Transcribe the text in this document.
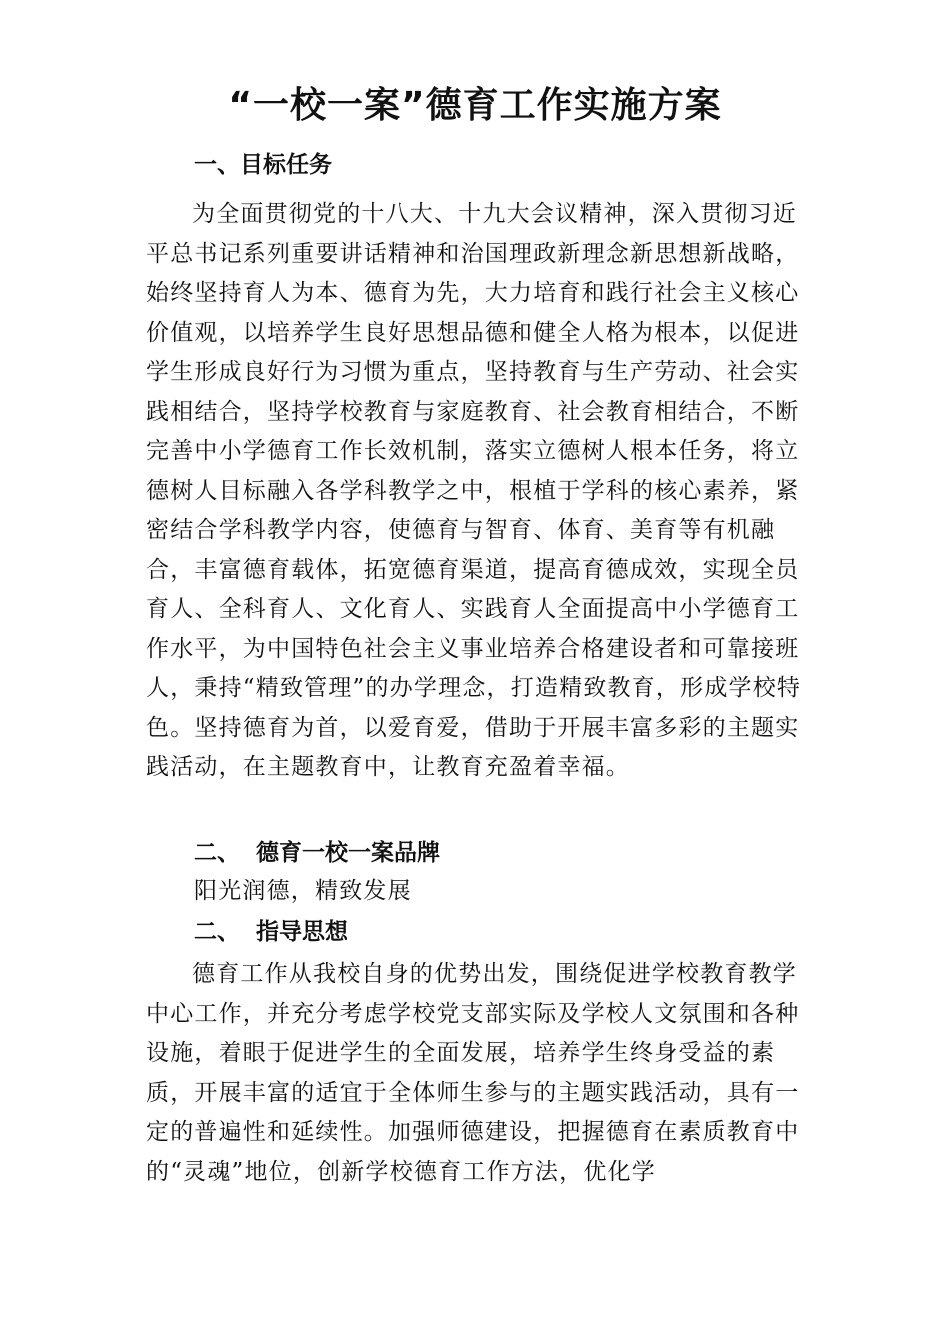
“一校一案”德育工作实施方案
一、目标任务

为全面贯彻党的十八大、十九大会议精神，深入贯彻习近平总书记系列重要讲话精神和治国理政新理念新思想新战略，始终坚持育人为本、德育为先，大力培育和践行社会主义核心价值观，以培养学生良好思想品德和健全人格为根本，以促进学生形成良好行为习惯为重点，坚持教育与生产劳动、社会实践相结合，坚持学校教育与家庭教育、社会教育相结合，不断完善中小学德育工作长效机制，落实立德树人根本任务，将立德树人目标融入各学科教学之中，根植于学科的核心素养，紧密结合学科教学内容，使德育与智育、体育、美育等有机融合，丰富德育载体，拓宽德育渠道，提高育德成效，实现全员育人、全科育人、文化育人、实践育人全面提高中小学德育工作水平，为中国特色社会主义事业培养合格建设者和可靠接班人，秉持“精致管理”的办学理念，打造精致教育，形成学校特色。坚持德育为首，以爱育爱，借助于开展丰富多彩的主题实践活动，在主题教育中，让教育充盈着幸福。

二、  德育一校一案品牌

阳光润德，精致发展

二、  指导思想

德育工作从我校自身的优势出发，围绕促进学校教育教学中心工作，并充分考虑学校党支部实际及学校人文氛围和各种设施，着眼于促进学生的全面发展，培养学生终身受益的素质，开展丰富的适宜于全体师生参与的主题实践活动，具有一定的普遍性和延续性。加强师德建设，把握德育在素质教育中的“灵魂”地位，创新学校德育工作方法，优化学
